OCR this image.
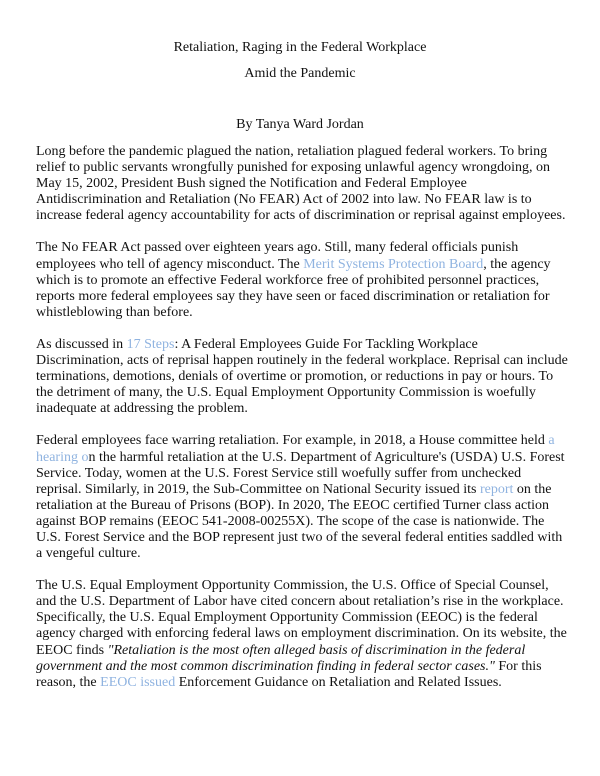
Retaliation, Raging in the Federal Workplace

Amid the Pandemic

By Tanya Ward Jordan

Long before the pandemic plagued the nation, retaliation plagued federal workers. To bring relief to public servants wrongfully punished for exposing unlawful agency wrongdoing, on May 15, 2002, President Bush signed the Notification and Federal Employee Antidiscrimination and Retaliation (No FEAR) Act of 2002 into law. No FEAR law is to increase federal agency accountability for acts of discrimination or reprisal against employees.

The No FEAR Act passed over eighteen years ago. Still, many federal officials punish employees who tell of agency misconduct. The Merit Systems Protection Board, the agency which is to promote an effective Federal workforce free of prohibited personnel practices, reports more federal employees say they have seen or faced discrimination or retaliation for whistleblowing than before.

As discussed in 17 Steps: A Federal Employees Guide For Tackling Workplace Discrimination, acts of reprisal happen routinely in the federal workplace. Reprisal can include terminations, demotions, denials of overtime or promotion, or reductions in pay or hours. To the detriment of many, the U.S. Equal Employment Opportunity Commission is woefully inadequate at addressing the problem.

Federal employees face warring retaliation. For example, in 2018, a House committee held a hearing on the harmful retaliation at the U.S. Department of Agriculture's (USDA) U.S. Forest Service. Today, women at the U.S. Forest Service still woefully suffer from unchecked reprisal. Similarly, in 2019, the Sub-Committee on National Security issued its report on the retaliation at the Bureau of Prisons (BOP). In 2020, The EEOC certified Turner class action against BOP remains (EEOC 541-2008-00255X). The scope of the case is nationwide. The U.S. Forest Service and the BOP represent just two of the several federal entities saddled with a vengeful culture.

The U.S. Equal Employment Opportunity Commission, the U.S. Office of Special Counsel, and the U.S. Department of Labor have cited concern about retaliation’s rise in the workplace. Specifically, the U.S. Equal Employment Opportunity Commission (EEOC) is the federal agency charged with enforcing federal laws on employment discrimination. On its website, the EEOC finds "Retaliation is the most often alleged basis of discrimination in the federal government and the most common discrimination finding in federal sector cases." For this reason, the EEOC issued Enforcement Guidance on Retaliation and Related Issues.
